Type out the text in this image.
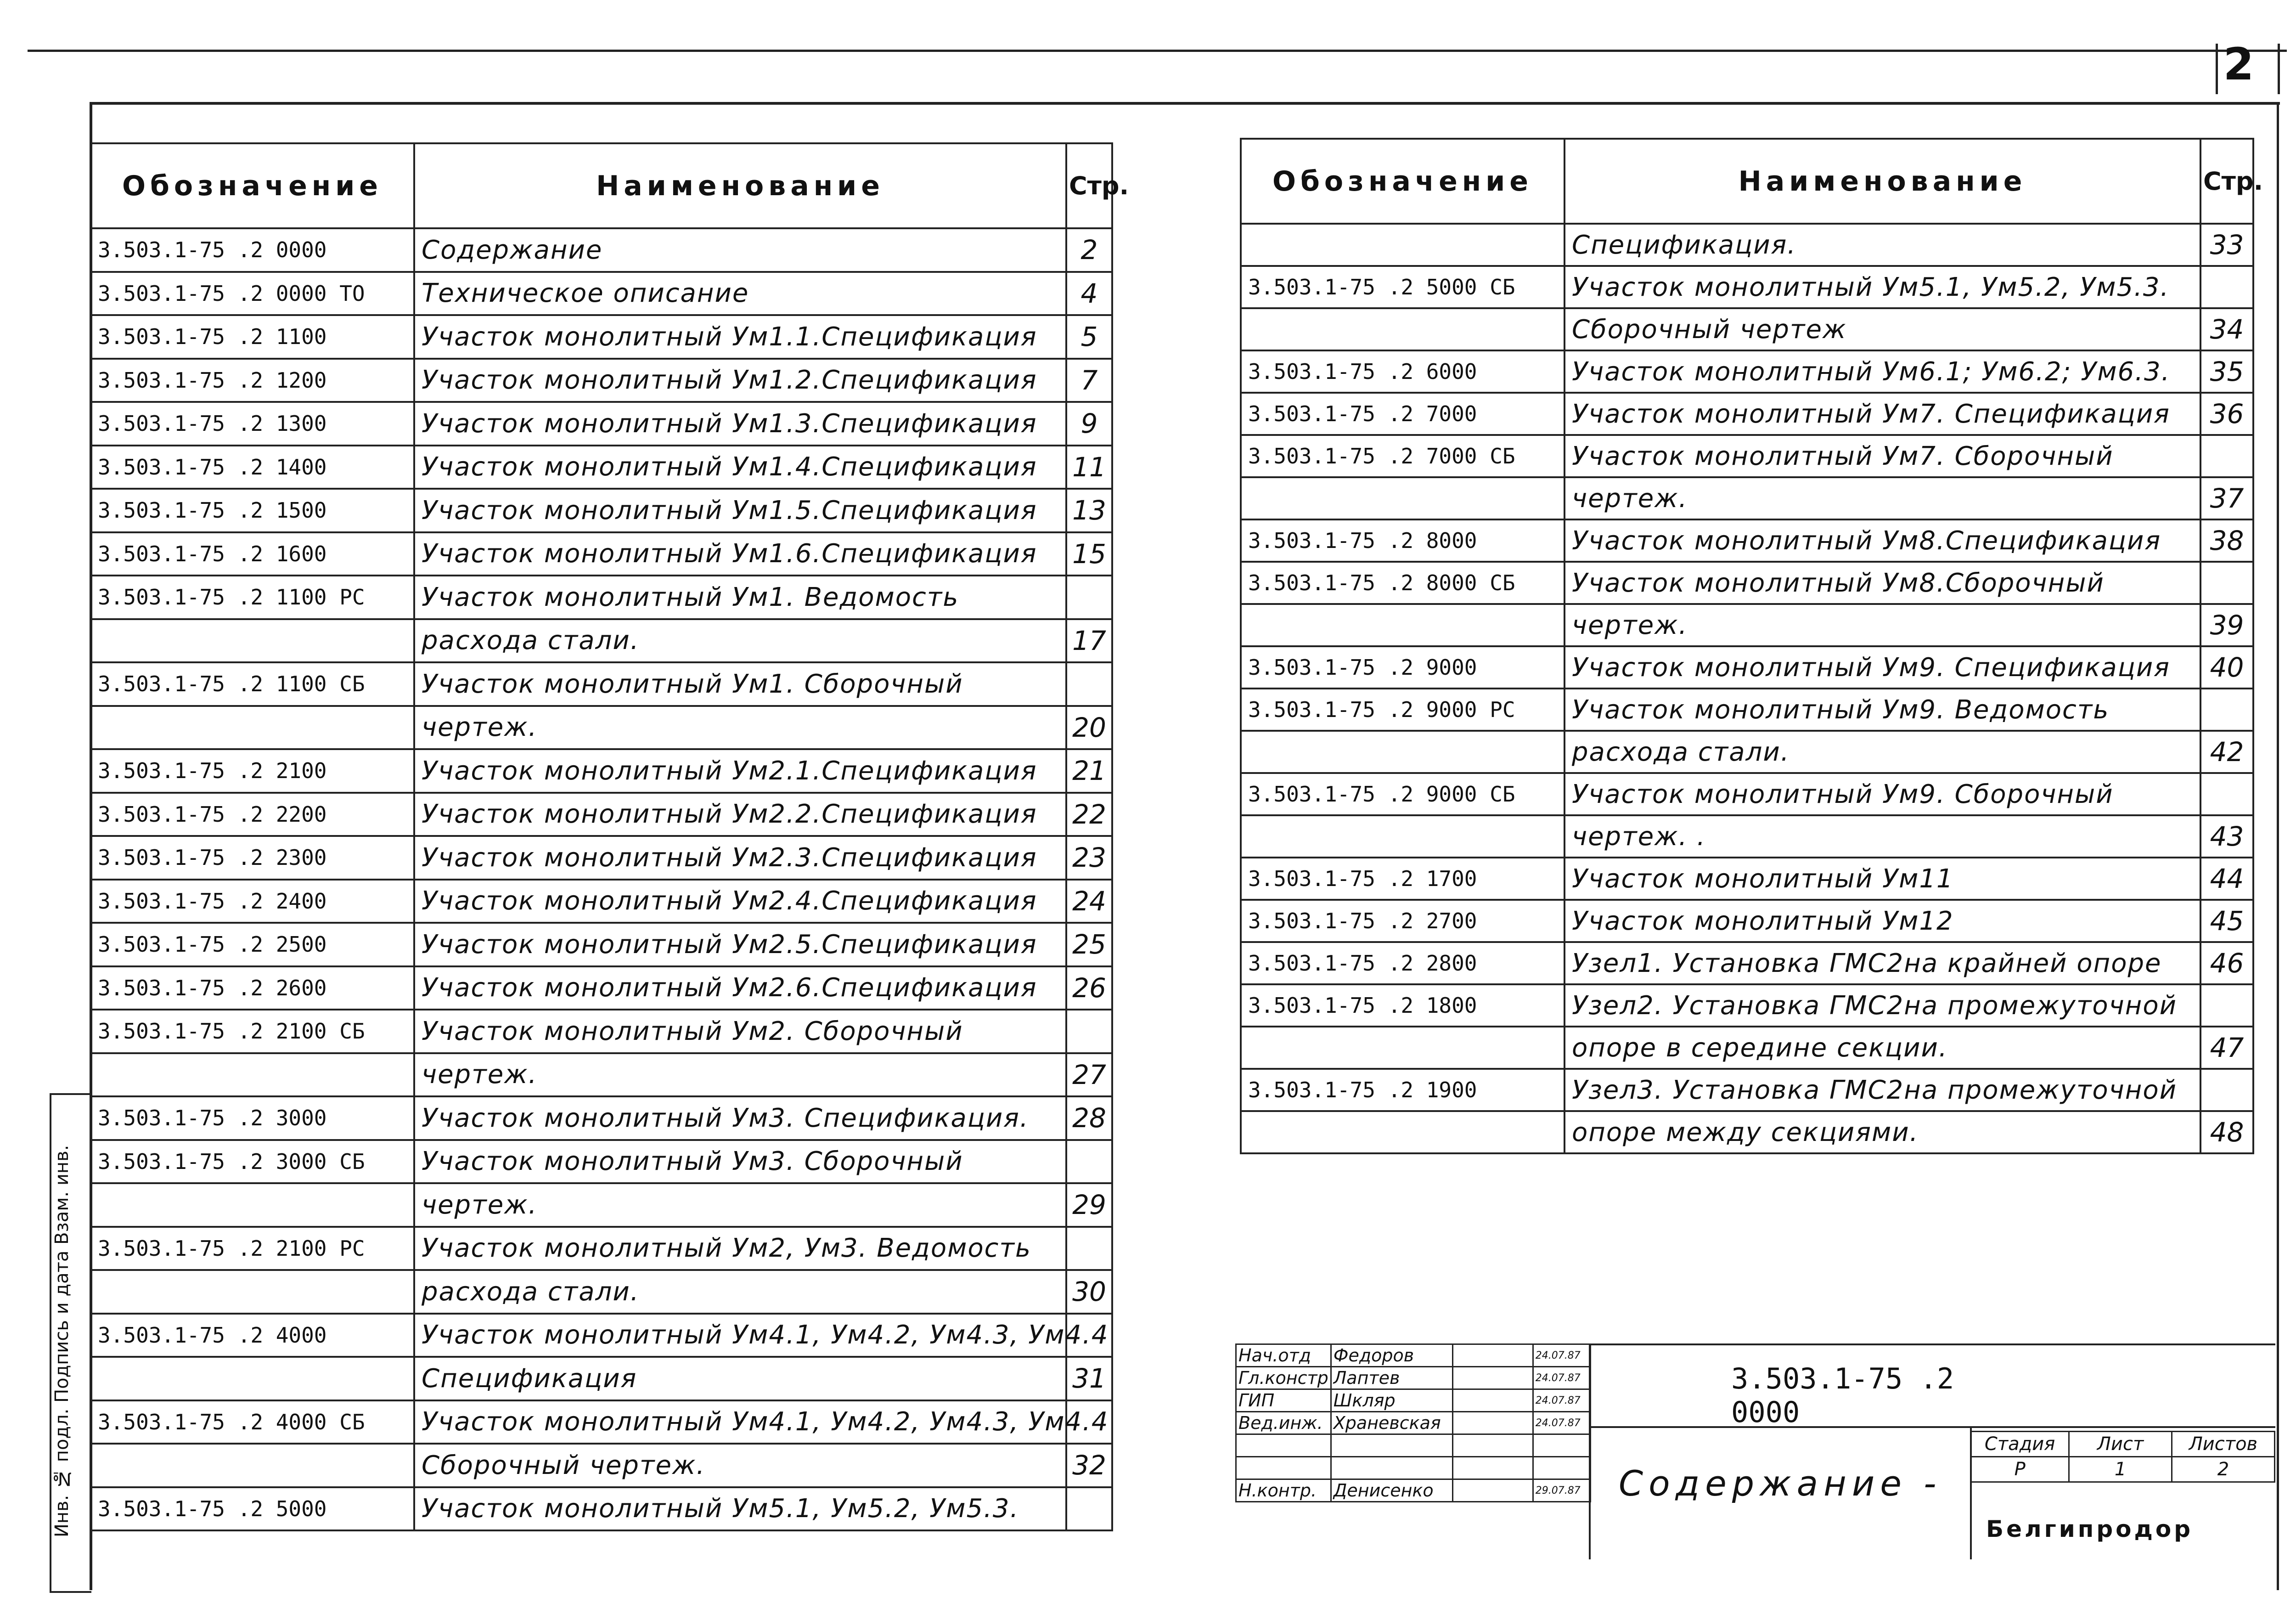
2
Инв. № подл. Подпись и дата Взам. инв.
Обозначение	Наименование	Стр.
3.503.1-75 .2 0000	Содержание	2
3.503.1-75 .2 0000 ТО	Техническое описание	4
3.503.1-75 .2 1100	Участок монолитный Ум1.1.Спецификация	5
3.503.1-75 .2 1200	Участок монолитный Ум1.2.Спецификация	7
3.503.1-75 .2 1300	Участок монолитный Ум1.3.Спецификация	9
3.503.1-75 .2 1400	Участок монолитный Ум1.4.Спецификация	11
3.503.1-75 .2 1500	Участок монолитный Ум1.5.Спецификация	13
3.503.1-75 .2 1600	Участок монолитный Ум1.6.Спецификация	15
3.503.1-75 .2 1100 РС	Участок монолитный Ум1. Ведомость	
	расхода стали.	17
3.503.1-75 .2 1100 СБ	Участок монолитный Ум1. Сборочный	
	чертеж.	20
3.503.1-75 .2 2100	Участок монолитный Ум2.1.Спецификация	21
3.503.1-75 .2 2200	Участок монолитный Ум2.2.Спецификация	22
3.503.1-75 .2 2300	Участок монолитный Ум2.3.Спецификация	23
3.503.1-75 .2 2400	Участок монолитный Ум2.4.Спецификация	24
3.503.1-75 .2 2500	Участок монолитный Ум2.5.Спецификация	25
3.503.1-75 .2 2600	Участок монолитный Ум2.6.Спецификация	26
3.503.1-75 .2 2100 СБ	Участок монолитный Ум2. Сборочный	
	чертеж.	27
3.503.1-75 .2 3000	Участок монолитный Ум3. Спецификация.	28
3.503.1-75 .2 3000 СБ	Участок монолитный Ум3. Сборочный	
	чертеж.	29
3.503.1-75 .2 2100 РС	Участок монолитный Ум2, Ум3. Ведомость	
	расхода стали.	30
3.503.1-75 .2 4000	Участок монолитный Ум4.1, Ум4.2, Ум4.3, Ум4.4	
	Спецификация	31
3.503.1-75 .2 4000 СБ	Участок монолитный Ум4.1, Ум4.2, Ум4.3, Ум4.4	
	Сборочный чертеж.	32
3.503.1-75 .2 5000	Участок монолитный Ум5.1, Ум5.2, Ум5.3.	
Обозначение	Наименование	Стр.
	Спецификация.	33
3.503.1-75 .2 5000 СБ	Участок монолитный Ум5.1, Ум5.2, Ум5.3.	
	Сборочный чертеж	34
3.503.1-75 .2 6000	Участок монолитный Ум6.1; Ум6.2; Ум6.3.	35
3.503.1-75 .2 7000	Участок монолитный Ум7. Спецификация	36
3.503.1-75 .2 7000 СБ	Участок монолитный Ум7. Сборочный	
	чертеж.	37
3.503.1-75 .2 8000	Участок монолитный Ум8.Спецификация	38
3.503.1-75 .2 8000 СБ	Участок монолитный Ум8.Сборочный	
	чертеж.	39
3.503.1-75 .2 9000	Участок монолитный Ум9. Спецификация	40
3.503.1-75 .2 9000 РС	Участок монолитный Ум9. Ведомость	
	расхода стали.	42
3.503.1-75 .2 9000 СБ	Участок монолитный Ум9. Сборочный	
	чертеж. .	43
3.503.1-75 .2 1700	Участок монолитный Ум11	44
3.503.1-75 .2 2700	Участок монолитный Ум12	45
3.503.1-75 .2 2800	Узел1. Установка ГМС2на крайней опоре	46
3.503.1-75 .2 1800	Узел2. Установка ГМС2на промежуточной	
	опоре в середине секции.	47
3.503.1-75 .2 1900	Узел3. Установка ГМС2на промежуточной	
	опоре между секциями.	48
Нач.отд	Федоров		24.07.87
Гл.констр	Лаптев		24.07.87
ГИП	Шкляр		24.07.87
Вед.инж.	Храневская		24.07.87

Н.контр.	Денисенко		29.07.87
3.503.1-75 .2 0000
Содержание -
Стадия	Лист	Листов
Р	1	2
Белгипродор
